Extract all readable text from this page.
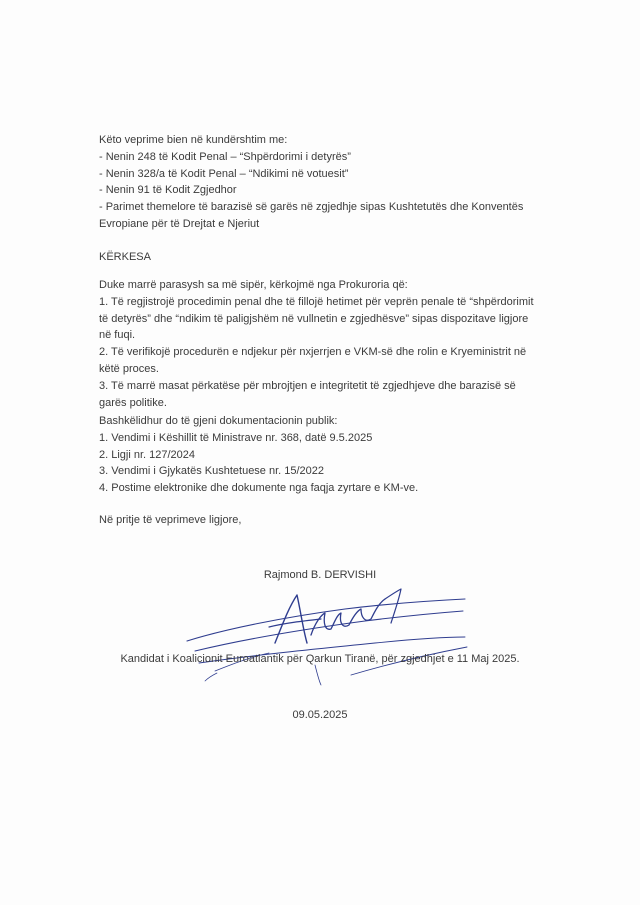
Këto veprime bien në kundërshtim me:
- Nenin 248 të Kodit Penal – “Shpërdorimi i detyrës”
- Nenin 328/a të Kodit Penal – “Ndikimi në votuesit”
- Nenin 91 të Kodit Zgjedhor
- Parimet themelore të barazisë së garës në zgjedhje sipas Kushtetutës dhe Konventës Evropiane për të Drejtat e Njeriut
KËRKESA
Duke marrë parasysh sa më sipër, kërkojmë nga Prokuroria që:
1. Të regjistrojë procedimin penal dhe të fillojë hetimet për veprën penale të “shpërdorimit të detyrës” dhe “ndikim të paligjshëm në vullnetin e zgjedhësve” sipas dispozitave ligjore në fuqi.
2. Të verifikojë procedurën e ndjekur për nxjerrjen e VKM-së dhe rolin e Kryeministrit në këtë proces.
3. Të marrë masat përkatëse për mbrojtjen e integritetit të zgjedhjeve dhe barazisë së garës politike.
Bashkëlidhur do të gjeni dokumentacionin publik:
1. Vendimi i Këshillit të Ministrave nr. 368, datë 9.5.2025
2. Ligji nr. 127/2024
3. Vendimi i Gjykatës Kushtetuese nr. 15/2022
4. Postime elektronike dhe dokumente nga faqja zyrtare e KM-ve.
Në pritje të veprimeve ligjore,
Rajmond B. DERVISHI
Kandidat i Koalicionit Euroatlantik për Qarkun Tiranë, për zgjedhjet e 11 Maj 2025.
09.05.2025
